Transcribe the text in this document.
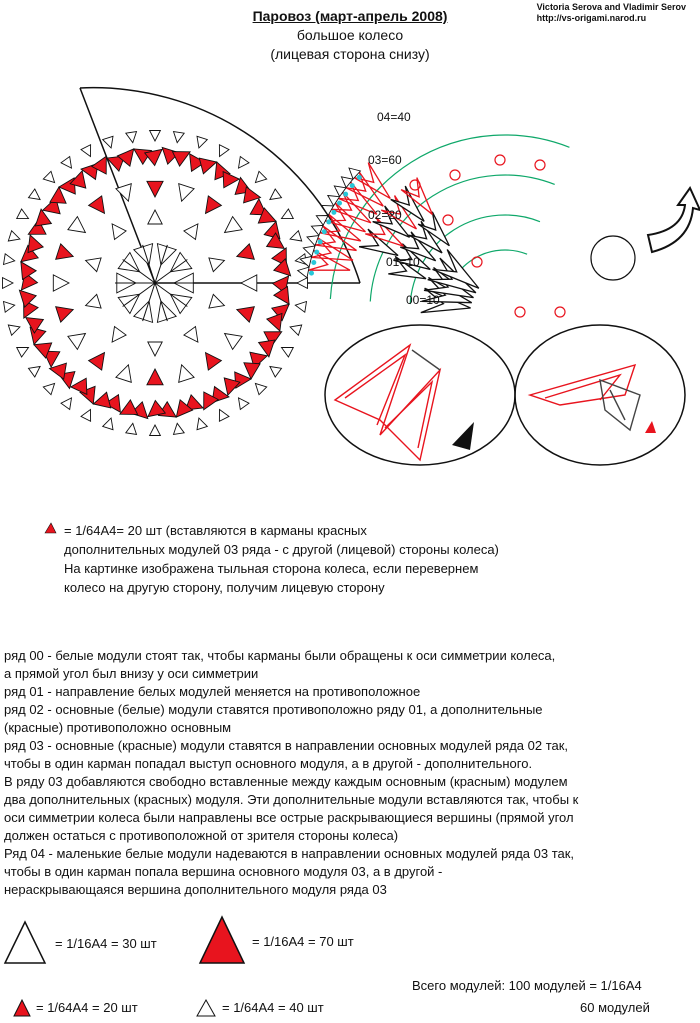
Паровоз (март-апрель 2008)
большое колесо
(лицевая сторона снизу)
Victoria Serova and Vladimir Serov
http://vs-origami.narod.ru
04=40
03=60
02=20
01=10
00=10
= 1/64A4= 20 шт (вставляются в карманы красных
дополнительных модулей 03 ряда - с другой (лицевой) стороны колеса)
На картинке изображена тыльная сторона колеса, если перевернем
колесо на другую сторону, получим лицевую сторону

ряд 00 - белые модули стоят так, чтобы карманы были обращены к оси симметрии колеса,

а прямой угол был внизу у оси симметрии

ряд 01 - направление белых модулей меняется на противоположное

ряд 02 - основные (белые) модули ставятся противоположно ряду 01, а дополнительные

(красные) противоположно основным

ряд 03 - основные (красные) модули ставятся в направлении основных модулей ряда 02 так,

чтобы в один карман попадал выступ основного модуля, а в другой - дополнительного.

В ряду 03 добавляются свободно вставленные между каждым основным (красным) модулем

два дополнительных (красных) модуля. Эти дополнительные модули вставляются так, чтобы к

оси симметрии колеса были направлены все острые раскрывающиеся вершины (прямой угол

должен остаться с противоположной от зрителя стороны колеса)

Ряд 04 - маленькие белые модули надеваются в направлении основных модулей ряда 03 так,

чтобы в один карман попала вершина основного модуля 03, а в другой -

нераскрывающаяся вершина дополнительного модуля ряда 03

= 1/16A4 = 30 шт	= 1/16A4 = 70 шт
= 1/64A4 = 20 шт	= 1/64A4 = 40 шт
Всего модулей: 100 модулей = 1/16A4
60 модулей
